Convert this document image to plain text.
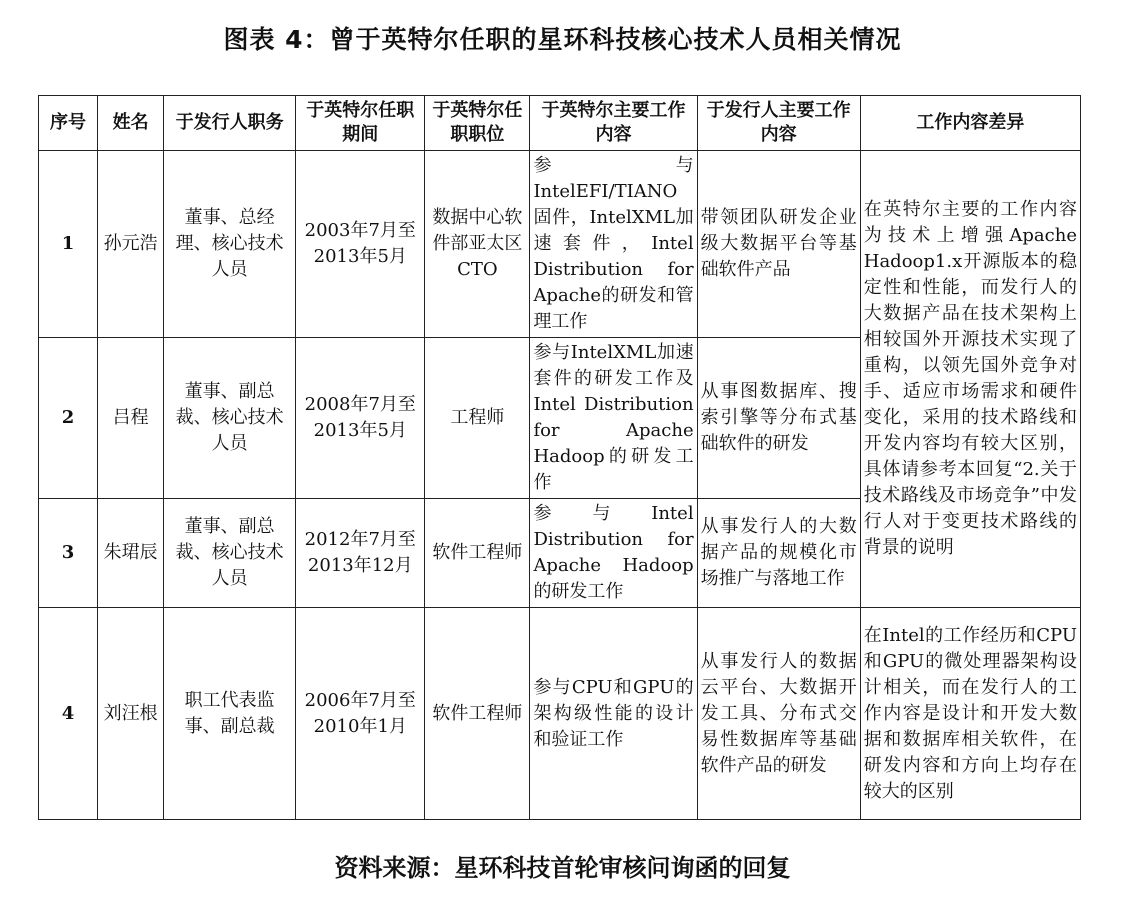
图表 4：曾于英特尔任职的星环科技核心技术人员相关情况
序号	姓名	于发行人职务	于英特尔任职期间	于英特尔任职职位	于英特尔主要工作内容	于发行人主要工作内容	工作内容差异
1	孙元浩	董事、总经理、核心技术人员	2003年7月至2013年5月	数据中心软件部亚太区CTO	参与IntelEFI/TIANO固件，IntelXML加速套件，Intel Distribution for Apache的研发和管理工作	带领团队研发企业级大数据平台等基础软件产品	在英特尔主要的工作内容为技术上增强Apache Hadoop1.x开源版本的稳定性和性能，而发行人的大数据产品在技术架构上相较国外开源技术实现了重构，以领先国外竞争对手、适应市场需求和硬件变化，采用的技术路线和开发内容均有较大区别，具体请参考本回复“2.关于技术路线及市场竞争”中发行人对于变更技术路线的背景的说明
2	吕程	董事、副总裁、核心技术人员	2008年7月至2013年5月	工程师	参与IntelXML加速套件的研发工作及Intel Distribution for Apache Hadoop的研发工作	从事图数据库、搜索引擎等分布式基础软件的研发	
3	朱珺辰	董事、副总裁、核心技术人员	2012年7月至2013年12月	软件工程师	参与Intel Distribution for Apache Hadoop的研发工作	从事发行人的大数据产品的规模化市场推广与落地工作	
4	刘汪根	职工代表监事、副总裁	2006年7月至2010年1月	软件工程师	参与CPU和GPU的架构级性能的设计和验证工作	从事发行人的数据云平台、大数据开发工具、分布式交易性数据库等基础软件产品的研发	在Intel的工作经历和CPU和GPU的微处理器架构设计相关，而在发行人的工作内容是设计和开发大数据和数据库相关软件，在研发内容和方向上均存在较大的区别
资料来源：星环科技首轮审核问询函的回复
